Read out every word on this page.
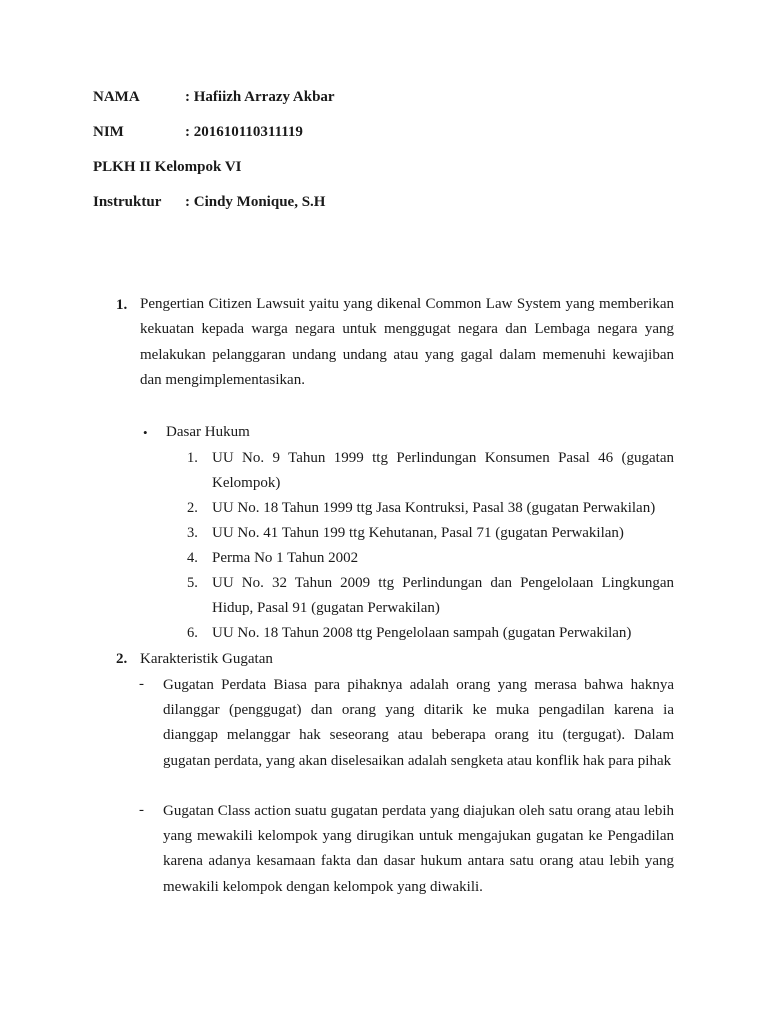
NAMA	: Hafiizh Arrazy Akbar
NIM	: 201610110311119
PLKH II Kelompok VI
Instruktur : Cindy Monique, S.H
1. Pengertian Citizen Lawsuit yaitu yang dikenal Common Law System yang memberikan kekuatan kepada warga negara untuk menggugat negara dan Lembaga negara yang melakukan pelanggaran undang undang atau yang gagal dalam memenuhi kewajiban dan mengimplementasikan.
• Dasar Hukum
1. UU No. 9 Tahun 1999 ttg Perlindungan Konsumen Pasal 46 (gugatan Kelompok)
2. UU No. 18 Tahun 1999 ttg Jasa Kontruksi, Pasal 38 (gugatan Perwakilan)
3. UU No. 41 Tahun 199 ttg Kehutanan, Pasal 71 (gugatan Perwakilan)
4. Perma No 1 Tahun 2002
5. UU No. 32 Tahun 2009 ttg Perlindungan dan Pengelolaan Lingkungan Hidup, Pasal 91 (gugatan Perwakilan)
6. UU No. 18 Tahun 2008 ttg Pengelolaan sampah (gugatan Perwakilan)
2. Karakteristik Gugatan
- Gugatan Perdata Biasa para pihaknya adalah orang yang merasa bahwa haknya dilanggar (penggugat) dan orang yang ditarik ke muka pengadilan karena ia dianggap melanggar hak seseorang atau beberapa orang itu (tergugat). Dalam gugatan perdata, yang akan diselesaikan adalah sengketa atau konflik hak para pihak
- Gugatan Class action suatu gugatan perdata yang diajukan oleh satu orang atau lebih yang mewakili kelompok yang dirugikan untuk mengajukan gugatan ke Pengadilan karena adanya kesamaan fakta dan dasar hukum antara satu orang atau lebih yang mewakili kelompok dengan kelompok yang diwakili.
